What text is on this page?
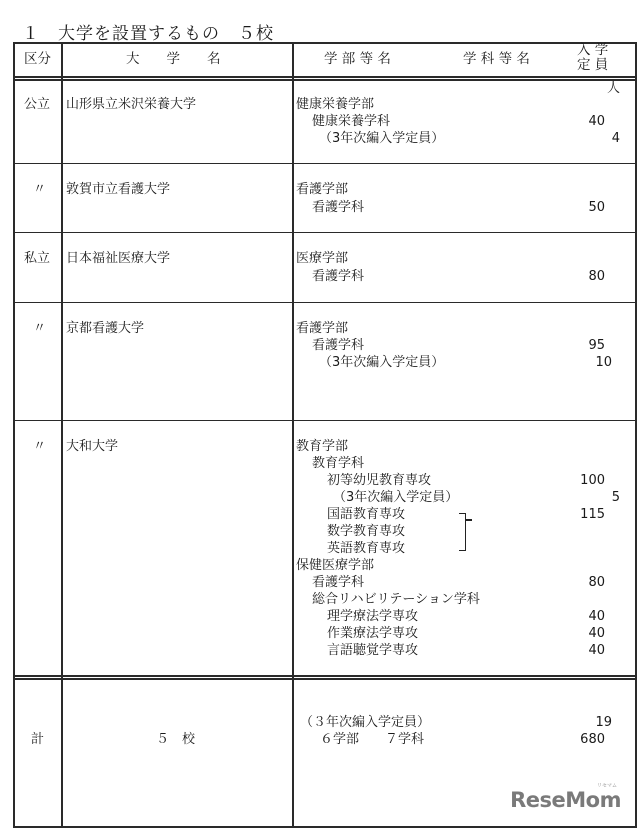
１　大学を設置するもの　５校
区分	大　　学　　名	学 部 等 名	学 科 等 名
入 学
定 員
人
公立 山形県立米沢栄養大学	健康栄養学部
健康栄養学科	40
（3年次編入学定員）	4
〃 敦賀市立看護大学	看護学部
看護学科	50
私立 日本福祉医療大学	医療学部
看護学科	80
〃 京都看護大学	看護学部
看護学科	95
（3年次編入学定員）	10
〃 大和大学	教育学部
教育学科
初等幼児教育専攻	100
（3年次編入学定員）	5
国語教育専攻	115
数学教育専攻
英語教育専攻
保健医療学部
看護学科	80
総合リハビリテーション学科
理学療法学専攻	40
作業療法学専攻	40
言語聴覚学専攻	40
計	５　校
（３年次編入学定員）	19
６学部　　７学科	680
リセマム
ReseMom
